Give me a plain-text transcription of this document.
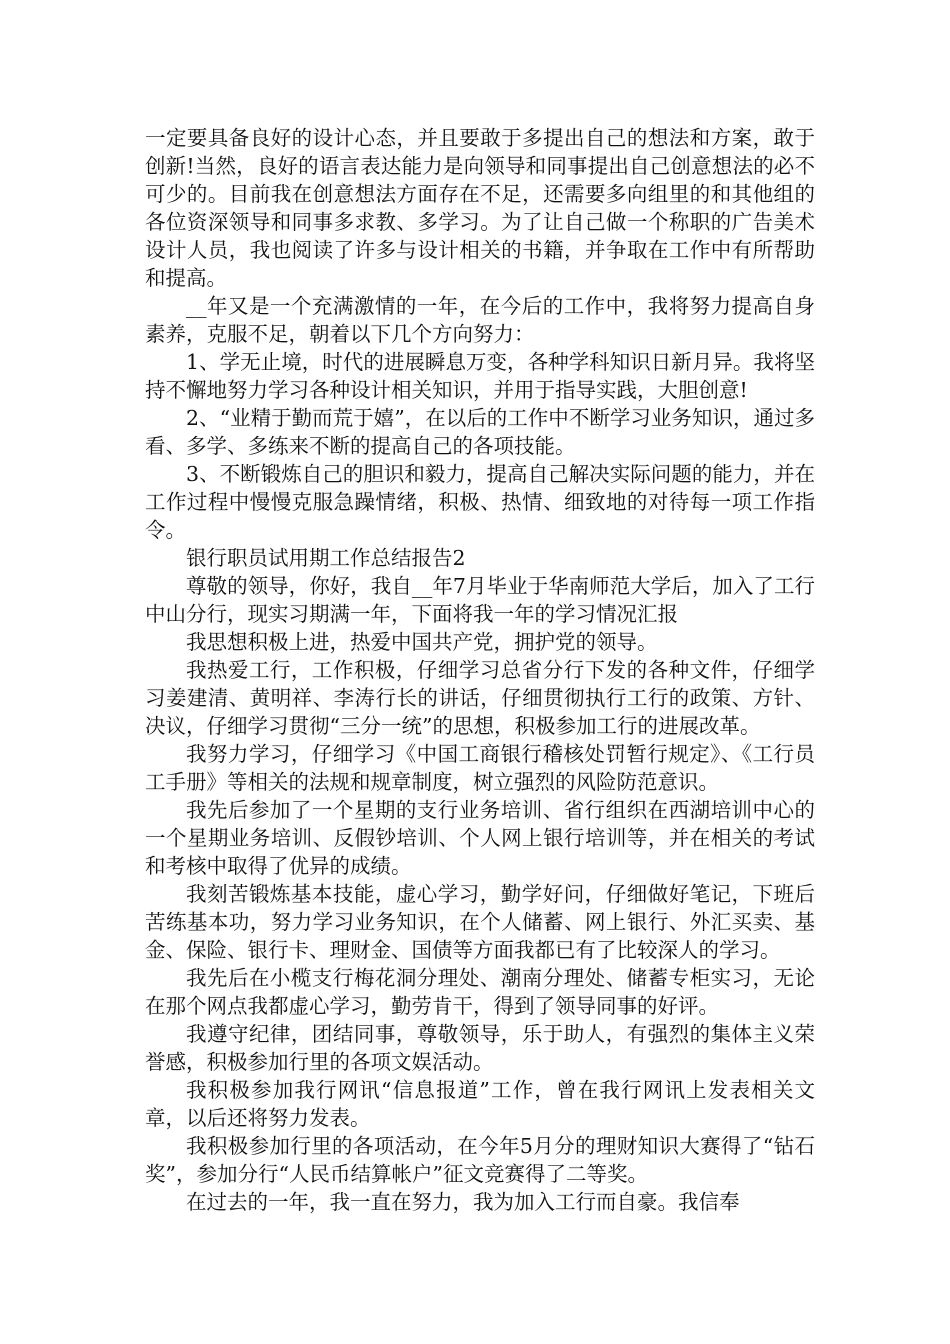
一定要具备良好的设计心态，并且要敢于多提出自己的想法和方案，敢于创新!当然，良好的语言表达能力是向领导和同事提出自己创意想法的必不可少的。目前我在创意想法方面存在不足，还需要多向组里的和其他组的各位资深领导和同事多求教、多学习。为了让自己做一个称职的广告美术设计人员，我也阅读了许多与设计相关的书籍，并争取在工作中有所帮助和提高。

__年又是一个充满激情的一年，在今后的工作中，我将努力提高自身素养，克服不足，朝着以下几个方向努力：

1、学无止境，时代的进展瞬息万变，各种学科知识日新月异。我将坚持不懈地努力学习各种设计相关知识，并用于指导实践，大胆创意!

2、“业精于勤而荒于嬉”，在以后的工作中不断学习业务知识，通过多看、多学、多练来不断的提高自己的各项技能。

3、不断锻炼自己的胆识和毅力，提高自己解决实际问题的能力，并在工作过程中慢慢克服急躁情绪，积极、热情、细致地的对待每一项工作指令。

银行职员试用期工作总结报告2

尊敬的领导，你好，我自__年7月毕业于华南师范大学后，加入了工行中山分行，现实习期满一年，下面将我一年的学习情况汇报

我思想积极上进，热爱中国共产党，拥护党的领导。

我热爱工行，工作积极，仔细学习总省分行下发的各种文件，仔细学习姜建清、黄明祥、李涛行长的讲话，仔细贯彻执行工行的政策、方针、决议，仔细学习贯彻“三分一统”的思想，积极参加工行的进展改革。

我努力学习，仔细学习《中国工商银行稽核处罚暂行规定》、《工行员工手册》等相关的法规和规章制度，树立强烈的风险防范意识。

我先后参加了一个星期的支行业务培训、省行组织在西湖培训中心的一个星期业务培训、反假钞培训、个人网上银行培训等，并在相关的考试和考核中取得了优异的成绩。

我刻苦锻炼基本技能，虚心学习，勤学好问，仔细做好笔记，下班后苦练基本功，努力学习业务知识，在个人储蓄、网上银行、外汇买卖、基金、保险、银行卡、理财金、国债等方面我都已有了比较深人的学习。

我先后在小榄支行梅花洞分理处、潮南分理处、储蓄专柜实习，无论在那个网点我都虚心学习，勤劳肯干，得到了领导同事的好评。

我遵守纪律，团结同事，尊敬领导，乐于助人，有强烈的集体主义荣誉感，积极参加行里的各项文娱活动。

我积极参加我行网讯“信息报道”工作，曾在我行网讯上发表相关文章，以后还将努力发表。

我积极参加行里的各项活动，在今年5月分的理财知识大赛得了“钻石奖”，参加分行“人民币结算帐户”征文竞赛得了二等奖。

在过去的一年，我一直在努力，我为加入工行而自豪。我信奉
